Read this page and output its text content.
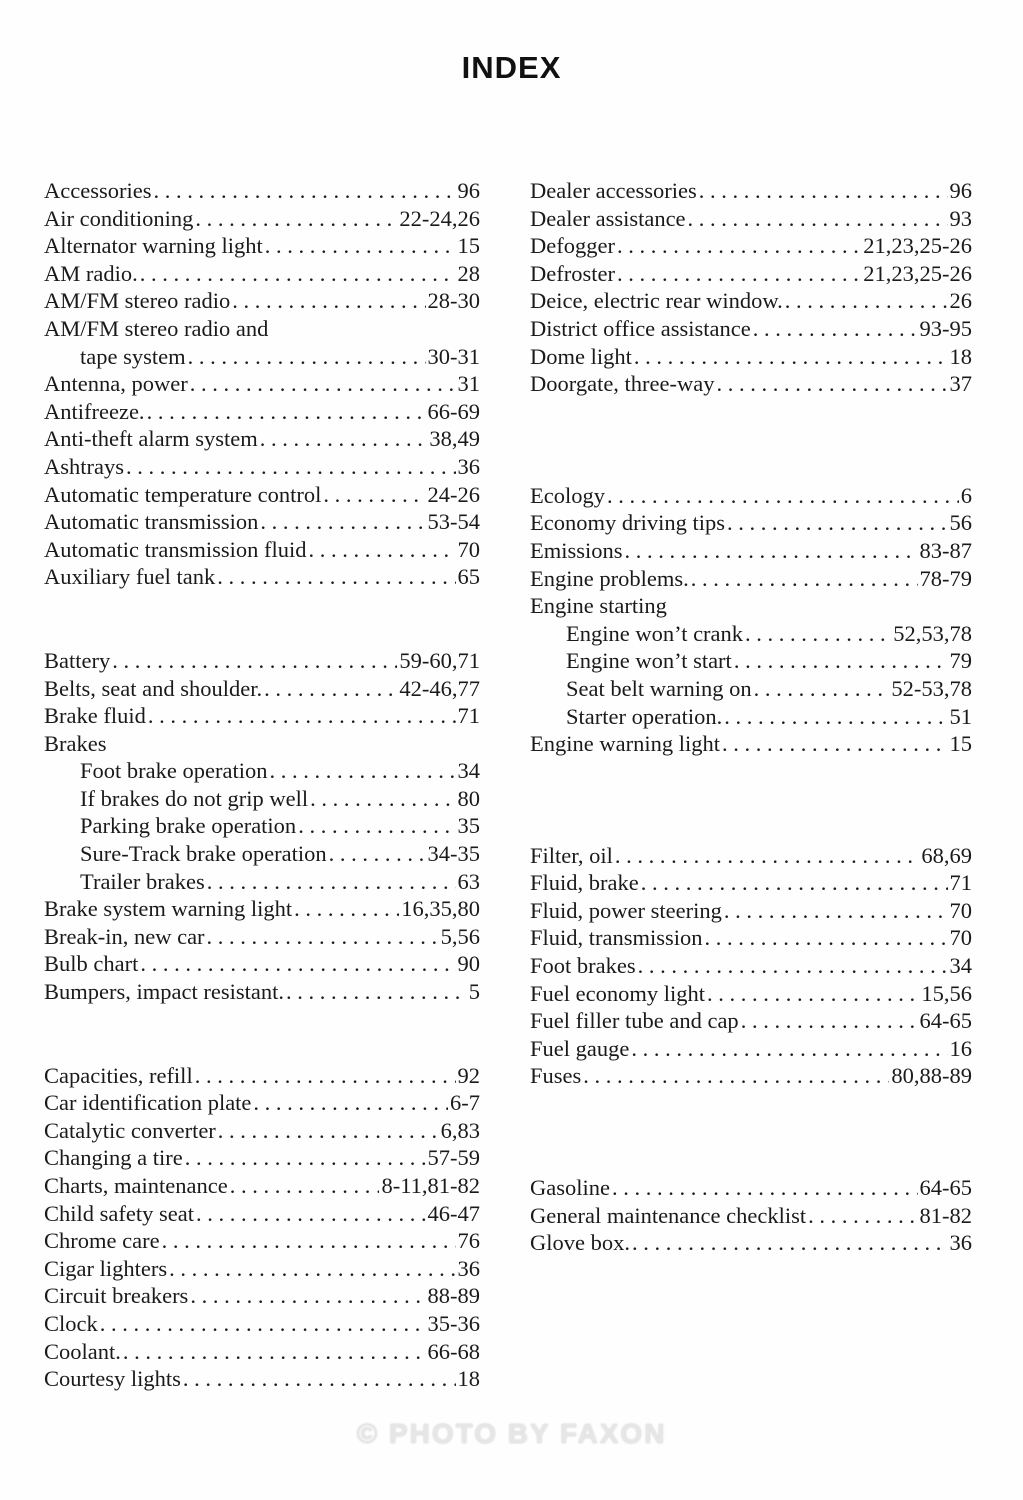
INDEX
Accessories . . .	96
Air conditioning . . .	22-24,26
Alternator warning light . . .	15
AM radio. . . .	28
AM/FM stereo radio . . .	28-30
AM/FM stereo radio and
tape system . . .	30-31
Antenna, power . . .	31
Antifreeze. . . .	66-69
Anti-theft alarm system . . .	38,49
Ashtrays . . .	36
Automatic temperature control . . .	24-26
Automatic transmission . . .	53-54
Automatic transmission fluid . . .	70
Auxiliary fuel tank . . .	65
Battery . . .	59-60,71
Belts, seat and shoulder. . . .	42-46,77
Brake fluid . . .	71
Brakes
Foot brake operation . . .	34
If brakes do not grip well . . .	80
Parking brake operation . . .	35
Sure-Track brake operation . . .	34-35
Trailer brakes . . .	63
Brake system warning light . . .	16,35,80
Break-in, new car . . .	5,56
Bulb chart . . .	90
Bumpers, impact resistant. . . .	5
Capacities, refill . . .	92
Car identification plate . . .	6-7
Catalytic converter . . .	6,83
Changing a tire . . .	57-59
Charts, maintenance . . .	8-11,81-82
Child safety seat . . .	46-47
Chrome care . . .	76
Cigar lighters . . .	36
Circuit breakers . . .	88-89
Clock . . .	35-36
Coolant. . . .	66-68
Courtesy lights . . .	18
Dealer accessories . . .	96
Dealer assistance . . .	93
Defogger . . .	21,23,25-26
Defroster . . .	21,23,25-26
Deice, electric rear window. . . .	26
District office assistance . . .	93-95
Dome light . . .	18
Doorgate, three-way . . .	37
Ecology . . .	6
Economy driving tips . . .	56
Emissions . . .	83-87
Engine problems. . . .	78-79
Engine starting
Engine won’t crank . . .	52,53,78
Engine won’t start . . .	79
Seat belt warning on . . .	52-53,78
Starter operation. . . .	51
Engine warning light . . .	15
Filter, oil . . .	68,69
Fluid, brake . . .	71
Fluid, power steering . . .	70
Fluid, transmission . . .	70
Foot brakes . . .	34
Fuel economy light . . .	15,56
Fuel filler tube and cap . . .	64-65
Fuel gauge . . .	16
Fuses . . .	80,88-89
Gasoline . . .	64-65
General maintenance checklist . . .	81-82
Glove box. . . .	36
© PHOTO BY FAXON
